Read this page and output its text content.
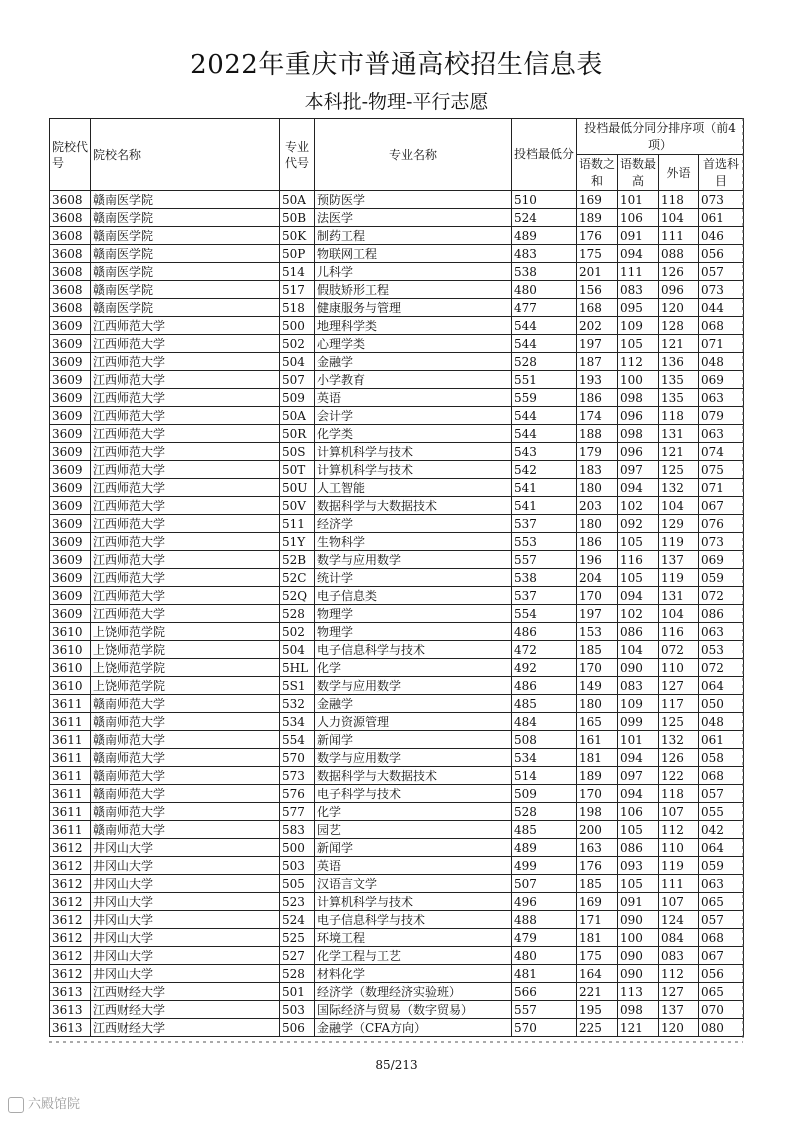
2022年重庆市普通高校招生信息表
本科批-物理-平行志愿
院校代号	院校名称	专业代号	专业名称	投档最低分	投档最低分同分排序项（前4项）			
					语数之和	语数最高	外语	首选科目
3608	赣南医学院	50A	预防医学	510	169	101	118	073
3608	赣南医学院	50B	法医学	524	189	106	104	061
3608	赣南医学院	50K	制药工程	489	176	091	111	046
3608	赣南医学院	50P	物联网工程	483	175	094	088	056
3608	赣南医学院	514	儿科学	538	201	111	126	057
3608	赣南医学院	517	假肢矫形工程	480	156	083	096	073
3608	赣南医学院	518	健康服务与管理	477	168	095	120	044
3609	江西师范大学	500	地理科学类	544	202	109	128	068
3609	江西师范大学	502	心理学类	544	197	105	121	071
3609	江西师范大学	504	金融学	528	187	112	136	048
3609	江西师范大学	507	小学教育	551	193	100	135	069
3609	江西师范大学	509	英语	559	186	098	135	063
3609	江西师范大学	50A	会计学	544	174	096	118	079
3609	江西师范大学	50R	化学类	544	188	098	131	063
3609	江西师范大学	50S	计算机科学与技术	543	179	096	121	074
3609	江西师范大学	50T	计算机科学与技术	542	183	097	125	075
3609	江西师范大学	50U	人工智能	541	180	094	132	071
3609	江西师范大学	50V	数据科学与大数据技术	541	203	102	104	067
3609	江西师范大学	511	经济学	537	180	092	129	076
3609	江西师范大学	51Y	生物科学	553	186	105	119	073
3609	江西师范大学	52B	数学与应用数学	557	196	116	137	069
3609	江西师范大学	52C	统计学	538	204	105	119	059
3609	江西师范大学	52Q	电子信息类	537	170	094	131	072
3609	江西师范大学	528	物理学	554	197	102	104	086
3610	上饶师范学院	502	物理学	486	153	086	116	063
3610	上饶师范学院	504	电子信息科学与技术	472	185	104	072	053
3610	上饶师范学院	5HL	化学	492	170	090	110	072
3610	上饶师范学院	5S1	数学与应用数学	486	149	083	127	064
3611	赣南师范大学	532	金融学	485	180	109	117	050
3611	赣南师范大学	534	人力资源管理	484	165	099	125	048
3611	赣南师范大学	554	新闻学	508	161	101	132	061
3611	赣南师范大学	570	数学与应用数学	534	181	094	126	058
3611	赣南师范大学	573	数据科学与大数据技术	514	189	097	122	068
3611	赣南师范大学	576	电子科学与技术	509	170	094	118	057
3611	赣南师范大学	577	化学	528	198	106	107	055
3611	赣南师范大学	583	园艺	485	200	105	112	042
3612	井冈山大学	500	新闻学	489	163	086	110	064
3612	井冈山大学	503	英语	499	176	093	119	059
3612	井冈山大学	505	汉语言文学	507	185	105	111	063
3612	井冈山大学	523	计算机科学与技术	496	169	091	107	065
3612	井冈山大学	524	电子信息科学与技术	488	171	090	124	057
3612	井冈山大学	525	环境工程	479	181	100	084	068
3612	井冈山大学	527	化学工程与工艺	480	175	090	083	067
3612	井冈山大学	528	材料化学	481	164	090	112	056
3613	江西财经大学	501	经济学（数理经济实验班）	566	221	113	127	065
3613	江西财经大学	503	国际经济与贸易（数字贸易）	557	195	098	137	070
3613	江西财经大学	506	金融学（CFA方向）	570	225	121	120	080
85/213
六殿馆院
